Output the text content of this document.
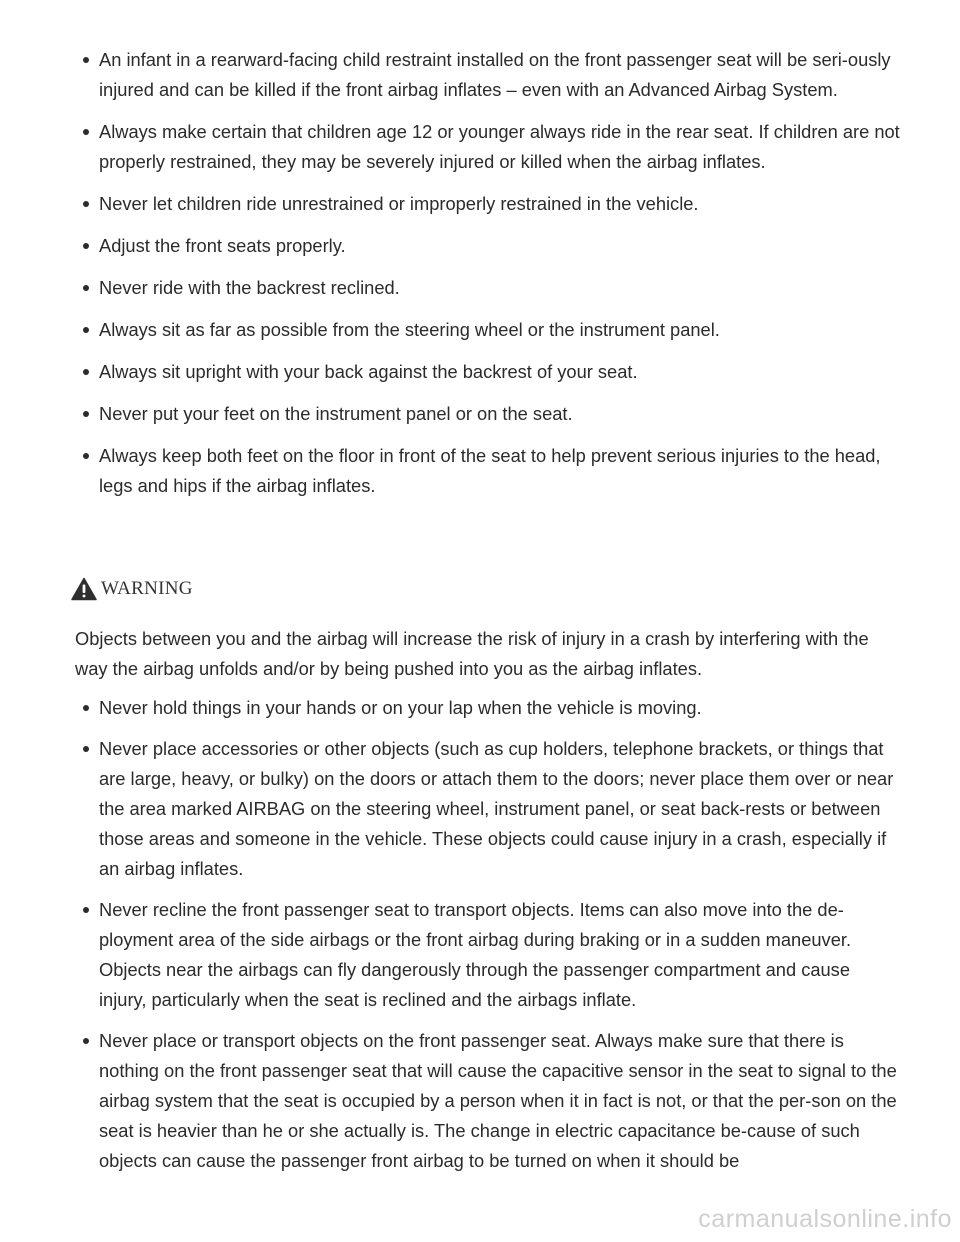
An infant in a rearward-facing child restraint installed on the front passenger seat will be seri-ously injured and can be killed if the front airbag inflates – even with an Advanced Airbag System.
Always make certain that children age 12 or younger always ride in the rear seat. If children are not properly restrained, they may be severely injured or killed when the airbag inflates.
Never let children ride unrestrained or improperly restrained in the vehicle.
Adjust the front seats properly.
Never ride with the backrest reclined.
Always sit as far as possible from the steering wheel or the instrument panel.
Always sit upright with your back against the backrest of your seat.
Never put your feet on the instrument panel or on the seat.
Always keep both feet on the floor in front of the seat to help prevent serious injuries to the head, legs and hips if the airbag inflates.
WARNING

Objects between you and the airbag will increase the risk of injury in a crash by interfering with the way the airbag unfolds and/or by being pushed into you as the airbag inflates.

Never hold things in your hands or on your lap when the vehicle is moving.
Never place accessories or other objects (such as cup holders, telephone brackets, or things that are large, heavy, or bulky) on the doors or attach them to the doors; never place them over or near the area marked AIRBAG on the steering wheel, instrument panel, or seat back-rests or between those areas and someone in the vehicle. These objects could cause injury in a crash, especially if an airbag inflates.
Never recline the front passenger seat to transport objects. Items can also move into the de-ployment area of the side airbags or the front airbag during braking or in a sudden maneuver. Objects near the airbags can fly dangerously through the passenger compartment and cause injury, particularly when the seat is reclined and the airbags inflate.
Never place or transport objects on the front passenger seat. Always make sure that there is nothing on the front passenger seat that will cause the capacitive sensor in the seat to signal to the airbag system that the seat is occupied by a person when it in fact is not, or that the per-son on the seat is heavier than he or she actually is. The change in electric capacitance be-cause of such objects can cause the passenger front airbag to be turned on when it should be
carmanualsonline.info
